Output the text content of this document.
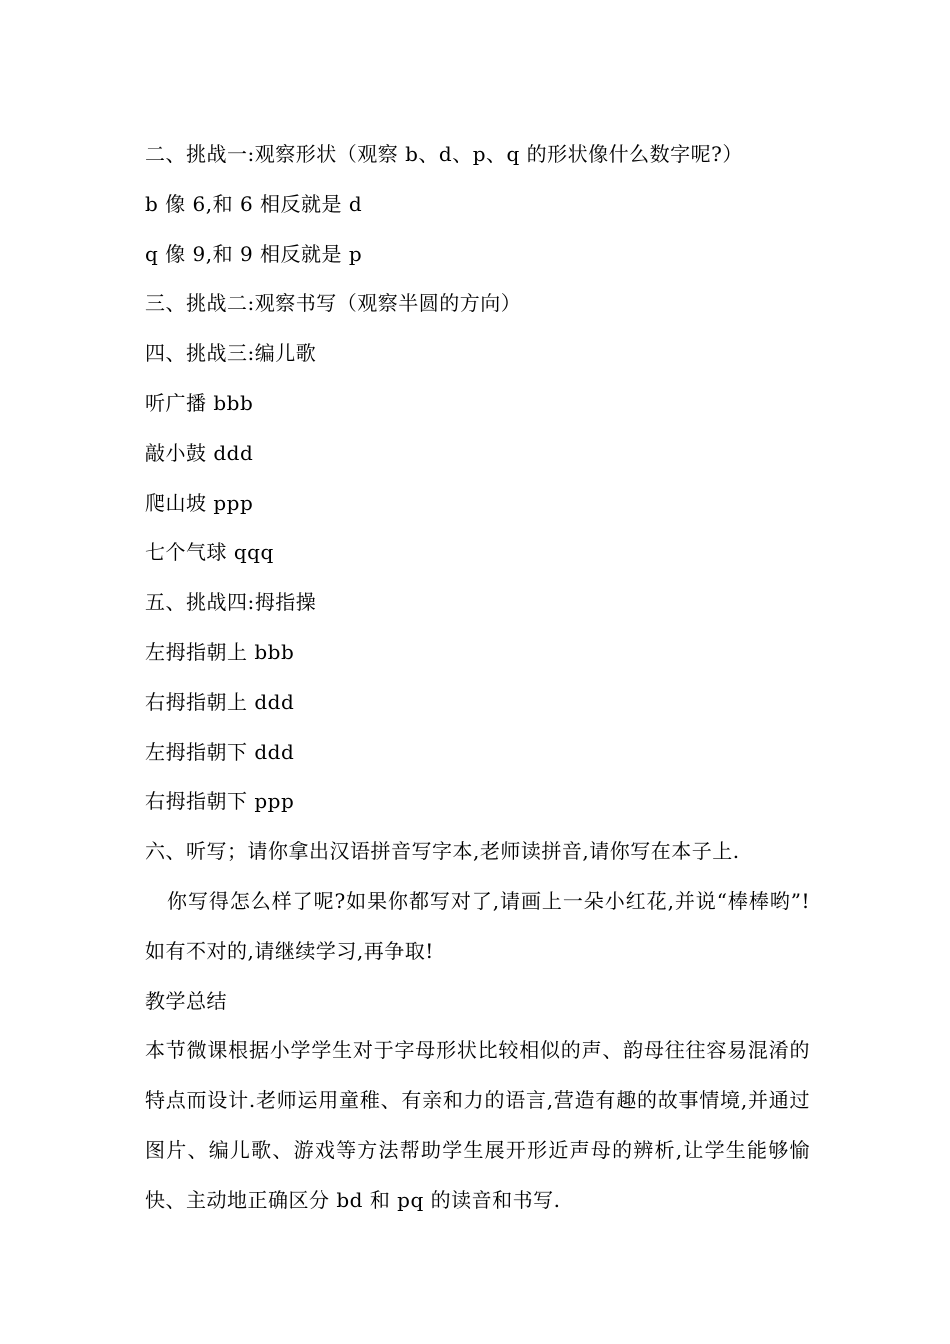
二、挑战一:观察形状（观察 b、d、p、q 的形状像什么数字呢?）
b 像 6,和 6 相反就是 d
q 像 9,和 9 相反就是 p
三、挑战二:观察书写（观察半圆的方向）
四、挑战三:编儿歌
听广播 bbb
敲小鼓 ddd
爬山坡 ppp
七个气球 qqq
五、挑战四:拇指操
左拇指朝上 bbb
右拇指朝上 ddd
左拇指朝下 ddd
右拇指朝下 ppp
六、听写；请你拿出汉语拼音写字本,老师读拼音,请你写在本子上.
你写得怎么样了呢?如果你都写对了,请画上一朵小红花,并说“棒棒哟”!如有不对的,请继续学习,再争取!
教学总结
本节微课根据小学学生对于字母形状比较相似的声、韵母往往容易混淆的特点而设计.老师运用童稚、有亲和力的语言,营造有趣的故事情境,并通过图片、编儿歌、游戏等方法帮助学生展开形近声母的辨析,让学生能够愉快、主动地正确区分 bd 和 pq 的读音和书写.
